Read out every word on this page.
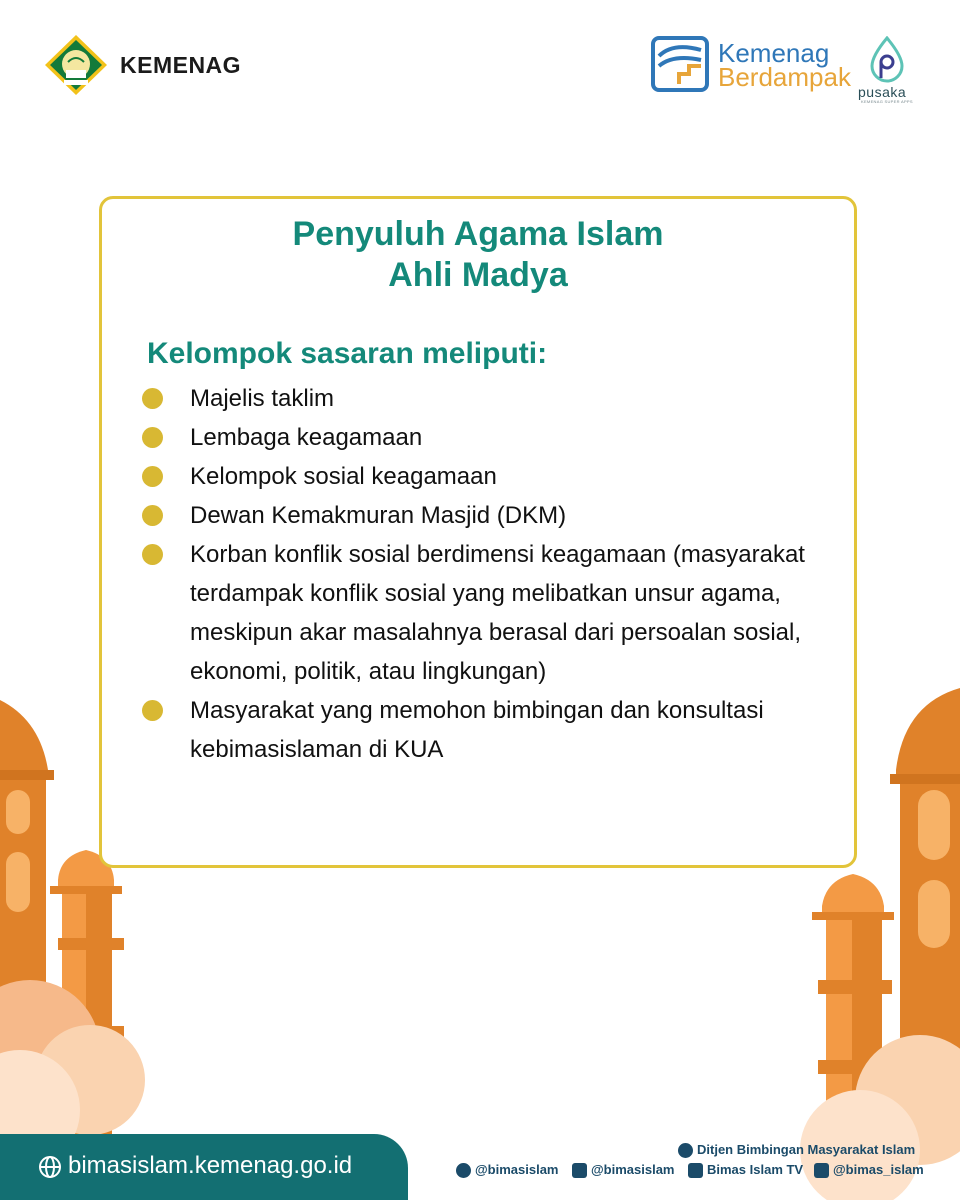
KEMENAG	Kemenag
Berdampak pusaka
KEMENAG SUPER APPS
Penyuluh Agama Islam
Ahli Madya
Kelompok sasaran meliputi:
Majelis taklim
Lembaga keagamaan
Kelompok sosial keagamaan
Dewan Kemakmuran Masjid (DKM)
Korban konflik sosial berdimensi keagamaan (masyarakat terdampak konflik sosial yang melibatkan unsur agama, meskipun akar masalahnya berasal dari persoalan sosial, ekonomi, politik, atau lingkungan)
Masyarakat yang memohon bimbingan dan konsultasi kebimasislaman di KUA
bimasislam.kemenag.go.id
Ditjen Bimbingan Masyarakat Islam
@bimasislam	@bimasislam	Bimas Islam TV	@bimas_islam
